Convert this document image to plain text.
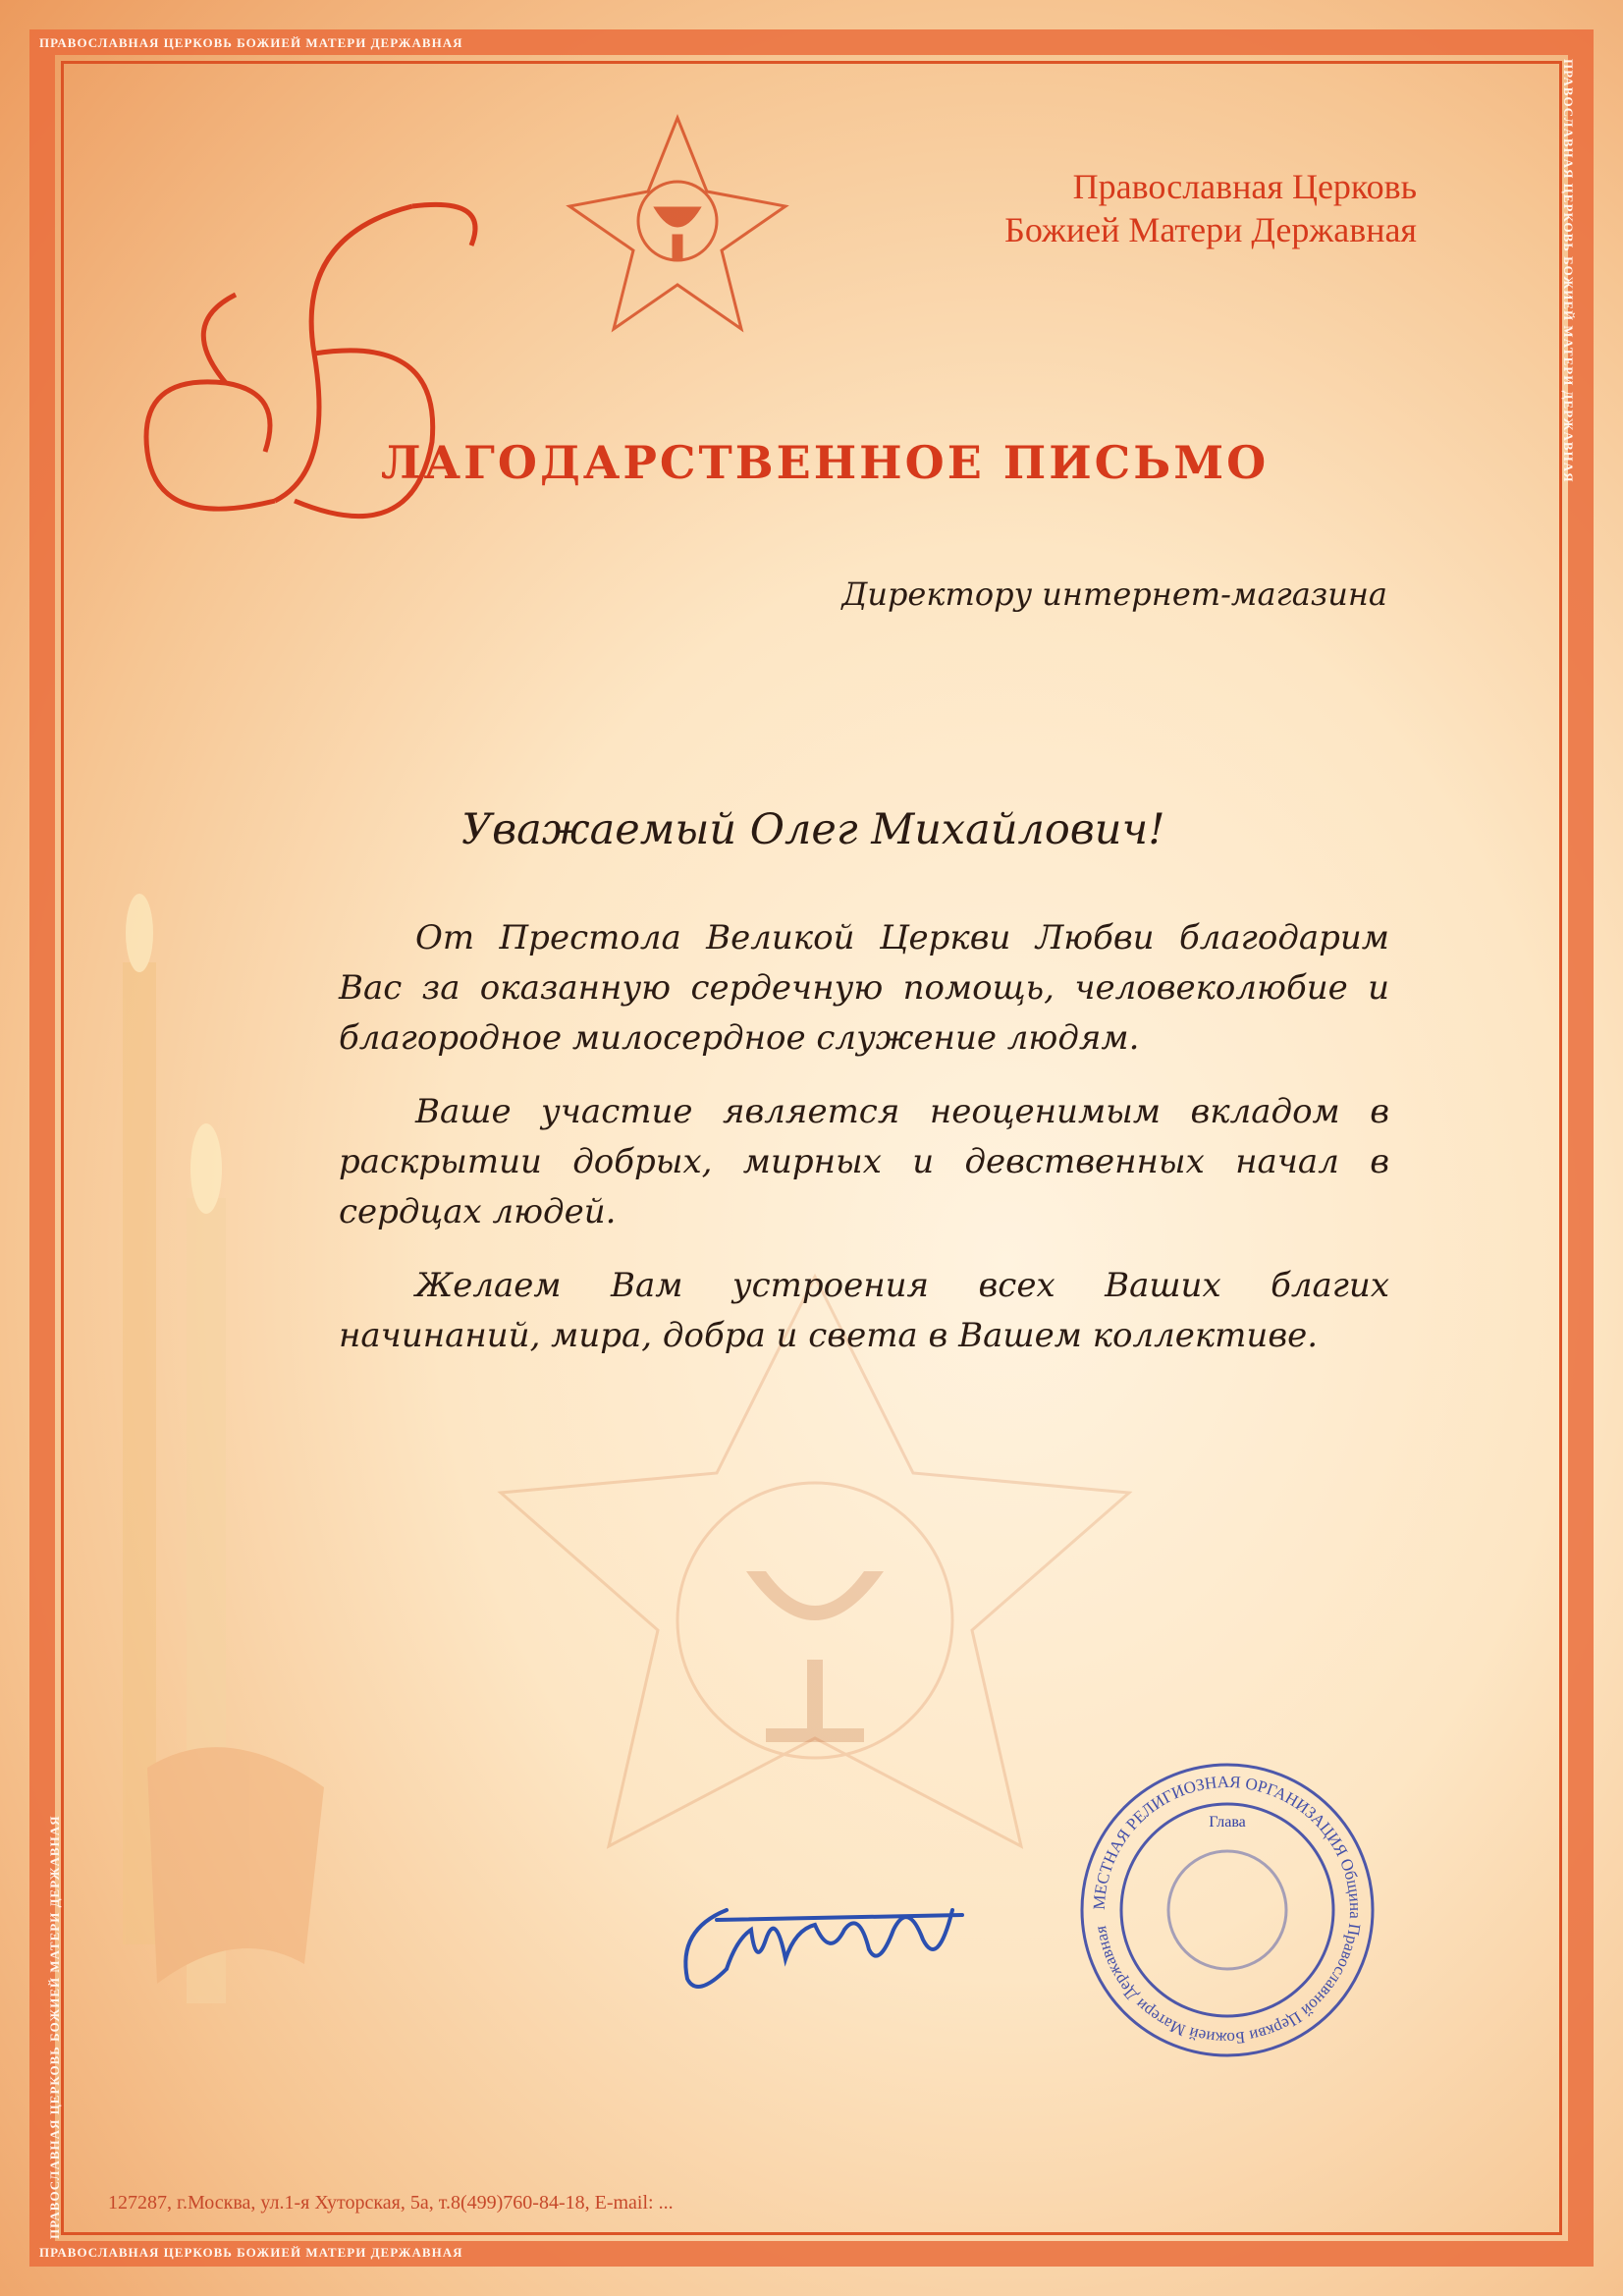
ПРАВОСЛАВНАЯ ЦЕРКОВЬ БОЖИЕЙ МАТЕРИ ДЕРЖАВНАЯ
ПРАВОСЛАВНАЯ ЦЕРКОВЬ БОЖИЕЙ МАТЕРИ ДЕРЖАВНАЯ
ПРАВОСЛАВНАЯ ЦЕРКОВЬ БОЖИЕЙ МАТЕРИ ДЕРЖАВНАЯ
ПРАВОСЛАВНАЯ ЦЕРКОВЬ БОЖИЕЙ МАТЕРИ ДЕРЖАВНАЯ
Православная Церковь
Божией Матери Державная
ЛАГОДАРСТВЕННОЕ ПИСЬМО
Директору интернет-магазина
Уважаемый Олег Михайлович!

От Престола Великой Церкви Любви благодарим Вас за оказанную сердечную помощь, человеколюбие и благородное милосердное служение людям.

Ваше участие является неоценимым вкладом в раскрытии добрых, мирных и девственных начал в сердцах людей.

Желаем Вам устроения всех Ваших благих начинаний, мира, добра и света в Вашем коллективе.

МЕСТНАЯ РЕЛИГИОЗНАЯ ОРГАНИЗАЦИЯ Община Православной Церкви Божией Матери Державная
Глава
127287, г.Москва, ул.1-я Хуторская, 5а, т.8(499)760-84-18, E-mail: ...
